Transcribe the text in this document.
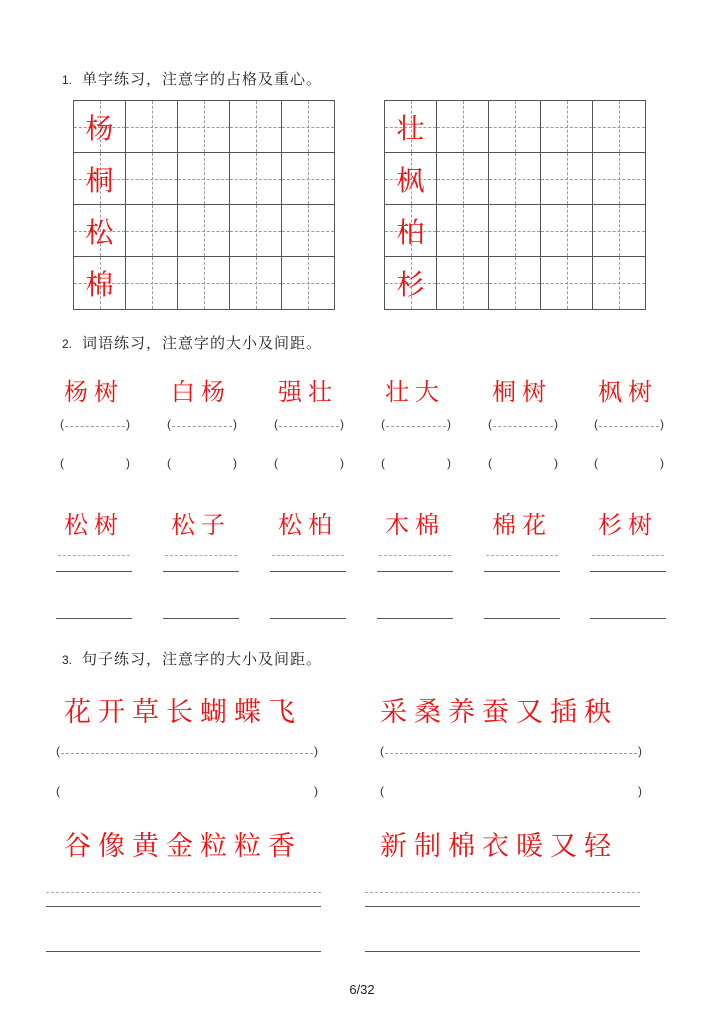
1. 单字练习，注意字的占格及重心。
杨
桐
松
棉
壮
枫
柏
杉
2. 词语练习，注意字的大小及间距。
杨树
(	)
(	)
白杨
(	)
(	)
强壮
(	)
(	)
壮大
(	)
(	)
桐树
(	)
(	)
枫树
(	)
(	)
松树 松子 松柏 木棉 棉花 杉树
3. 句子练习，注意字的大小及间距。
花开草长蝴蝶飞	采桑养蚕又插秧
(	)
(	)
(	)
(	)
谷像黄金粒粒香	新制棉衣暖又轻
6/32
